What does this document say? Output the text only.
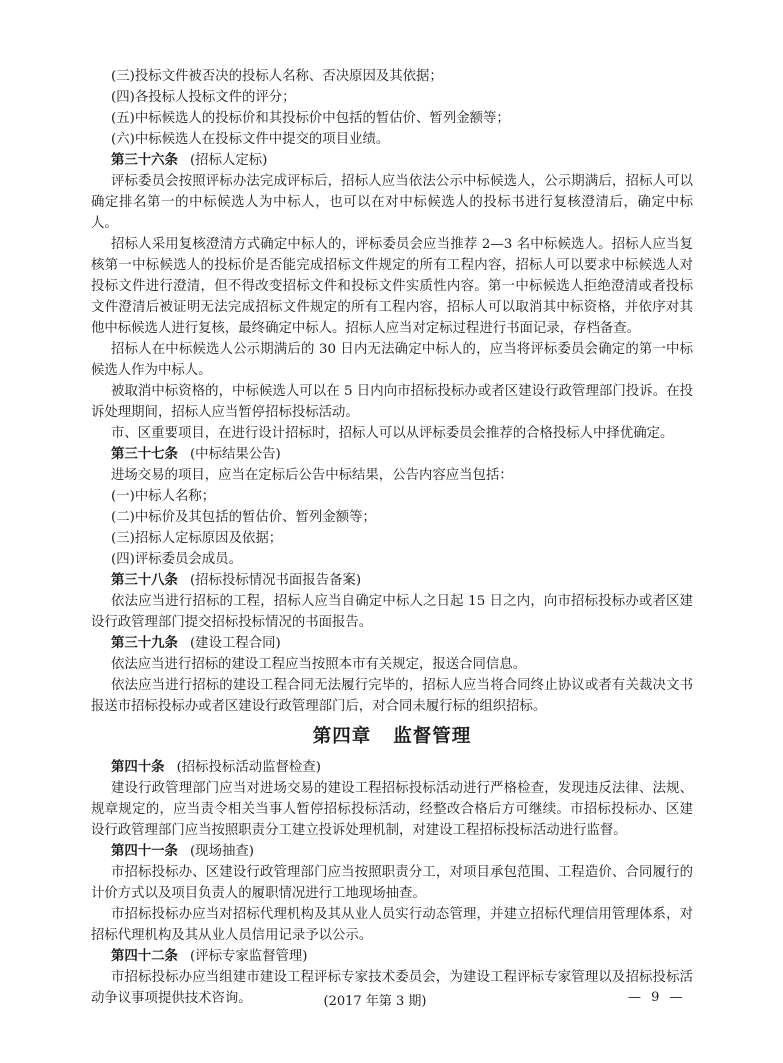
(三)投标文件被否决的投标人名称、否决原因及其依据；

(四)各投标人投标文件的评分；

(五)中标候选人的投标价和其投标价中包括的暂估价、暂列金额等；

(六)中标候选人在投标文件中提交的项目业绩。

第三十六条 (招标人定标)

评标委员会按照评标办法完成评标后，招标人应当依法公示中标候选人，公示期满后，招标人可以确定排名第一的中标候选人为中标人，也可以在对中标候选人的投标书进行复核澄清后，确定中标人。

招标人采用复核澄清方式确定中标人的，评标委员会应当推荐 2—3 名中标候选人。招标人应当复核第一中标候选人的投标价是否能完成招标文件规定的所有工程内容，招标人可以要求中标候选人对投标文件进行澄清，但不得改变招标文件和投标文件实质性内容。第一中标候选人拒绝澄清或者投标文件澄清后被证明无法完成招标文件规定的所有工程内容，招标人可以取消其中标资格，并依序对其他中标候选人进行复核，最终确定中标人。招标人应当对定标过程进行书面记录，存档备查。

招标人在中标候选人公示期满后的 30 日内无法确定中标人的，应当将评标委员会确定的第一中标候选人作为中标人。

被取消中标资格的，中标候选人可以在 5 日内向市招标投标办或者区建设行政管理部门投诉。在投诉处理期间，招标人应当暂停招标投标活动。

市、区重要项目，在进行设计招标时，招标人可以从评标委员会推荐的合格投标人中择优确定。

第三十七条 (中标结果公告)

进场交易的项目，应当在定标后公告中标结果，公告内容应当包括：

(一)中标人名称；

(二)中标价及其包括的暂估价、暂列金额等；

(三)招标人定标原因及依据；

(四)评标委员会成员。

第三十八条 (招标投标情况书面报告备案)

依法应当进行招标的工程，招标人应当自确定中标人之日起 15 日之内，向市招标投标办或者区建设行政管理部门提交招标投标情况的书面报告。

第三十九条 (建设工程合同)

依法应当进行招标的建设工程应当按照本市有关规定，报送合同信息。

依法应当进行招标的建设工程合同无法履行完毕的，招标人应当将合同终止协议或者有关裁决文书报送市招标投标办或者区建设行政管理部门后，对合同未履行标的组织招标。

第四章 监督管理

第四十条 (招标投标活动监督检查)

建设行政管理部门应当对进场交易的建设工程招标投标活动进行严格检查，发现违反法律、法规、规章规定的，应当责令相关当事人暂停招标投标活动，经整改合格后方可继续。市招标投标办、区建设行政管理部门应当按照职责分工建立投诉处理机制，对建设工程招标投标活动进行监督。

第四十一条 (现场抽查)

市招标投标办、区建设行政管理部门应当按照职责分工，对项目承包范围、工程造价、合同履行的计价方式以及项目负责人的履职情况进行工地现场抽查。

市招标投标办应当对招标代理机构及其从业人员实行动态管理，并建立招标代理信用管理体系，对招标代理机构及其从业人员信用记录予以公示。

第四十二条 (评标专家监督管理)

市招标投标办应当组建市建设工程评标专家技术委员会，为建设工程评标专家管理以及招标投标活动争议事项提供技术咨询。	(2017 年第 3 期)	— 9 —
